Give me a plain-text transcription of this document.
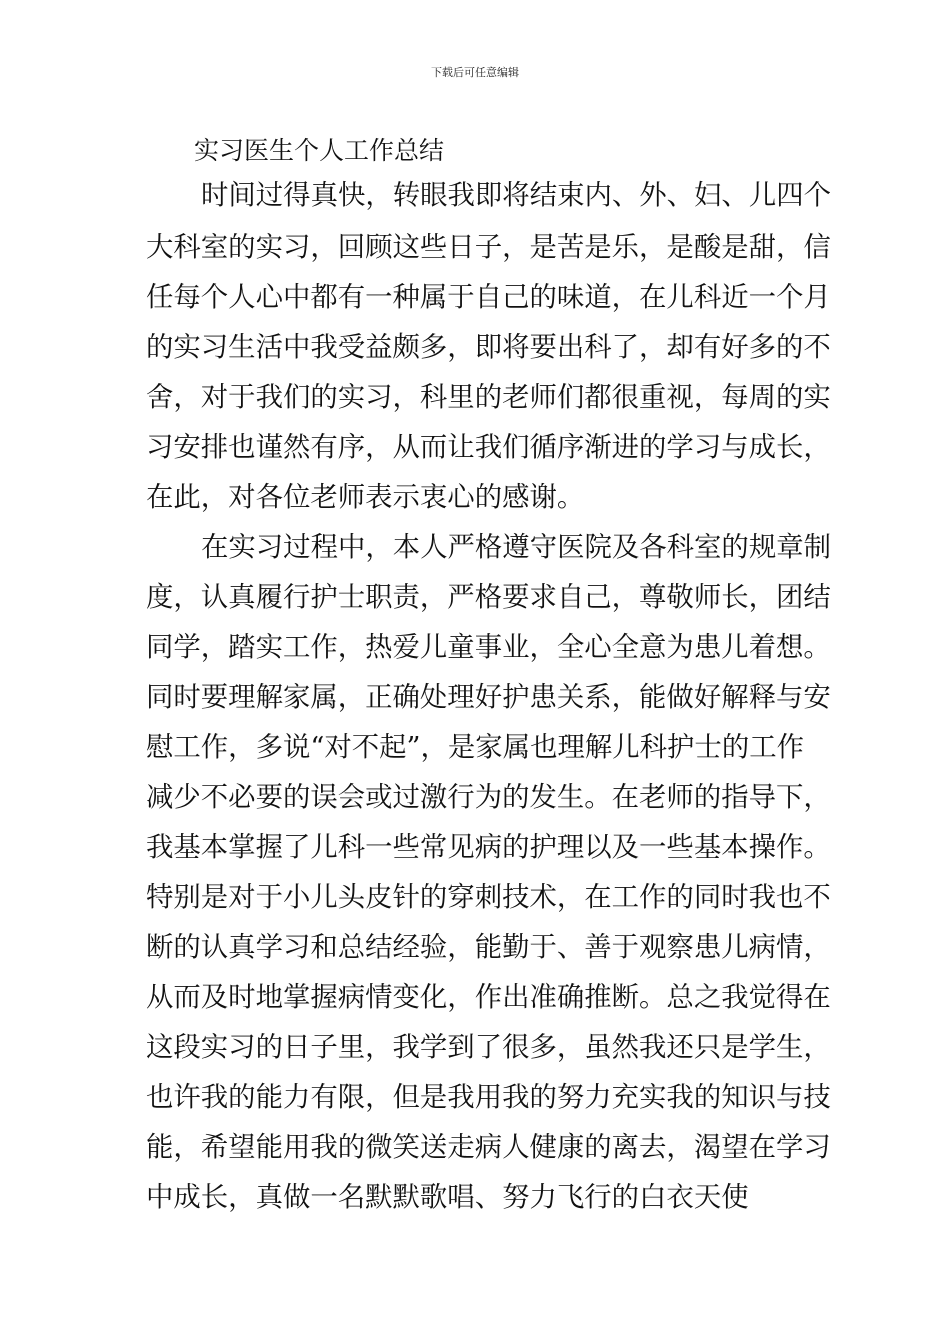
下载后可任意编辑
实习医生个人工作总结
时间过得真快，转眼我即将结束内、外、妇、儿四个
大科室的实习，回顾这些日子，是苦是乐，是酸是甜，信
任每个人心中都有一种属于自己的味道，在儿科近一个月
的实习生活中我受益颇多，即将要出科了，却有好多的不
舍，对于我们的实习，科里的老师们都很重视，每周的实
习安排也谨然有序，从而让我们循序渐进的学习与成长，
在此，对各位老师表示衷心的感谢。
在实习过程中，本人严格遵守医院及各科室的规章制
度，认真履行护士职责，严格要求自己，尊敬师长，团结
同学，踏实工作，热爱儿童事业，全心全意为患儿着想。
同时要理解家属，正确处理好护患关系，能做好解释与安
慰工作，多说“对不起”，是家属也理解儿科护士的工作
减少不必要的误会或过激行为的发生。在老师的指导下，
我基本掌握了儿科一些常见病的护理以及一些基本操作。
特别是对于小儿头皮针的穿刺技术，在工作的同时我也不
断的认真学习和总结经验，能勤于、善于观察患儿病情，
从而及时地掌握病情变化，作出准确推断。总之我觉得在
这段实习的日子里，我学到了很多，虽然我还只是学生，
也许我的能力有限，但是我用我的努力充实我的知识与技
能，希望能用我的微笑送走病人健康的离去，渴望在学习
中成长，真做一名默默歌唱、努力飞行的白衣天使
